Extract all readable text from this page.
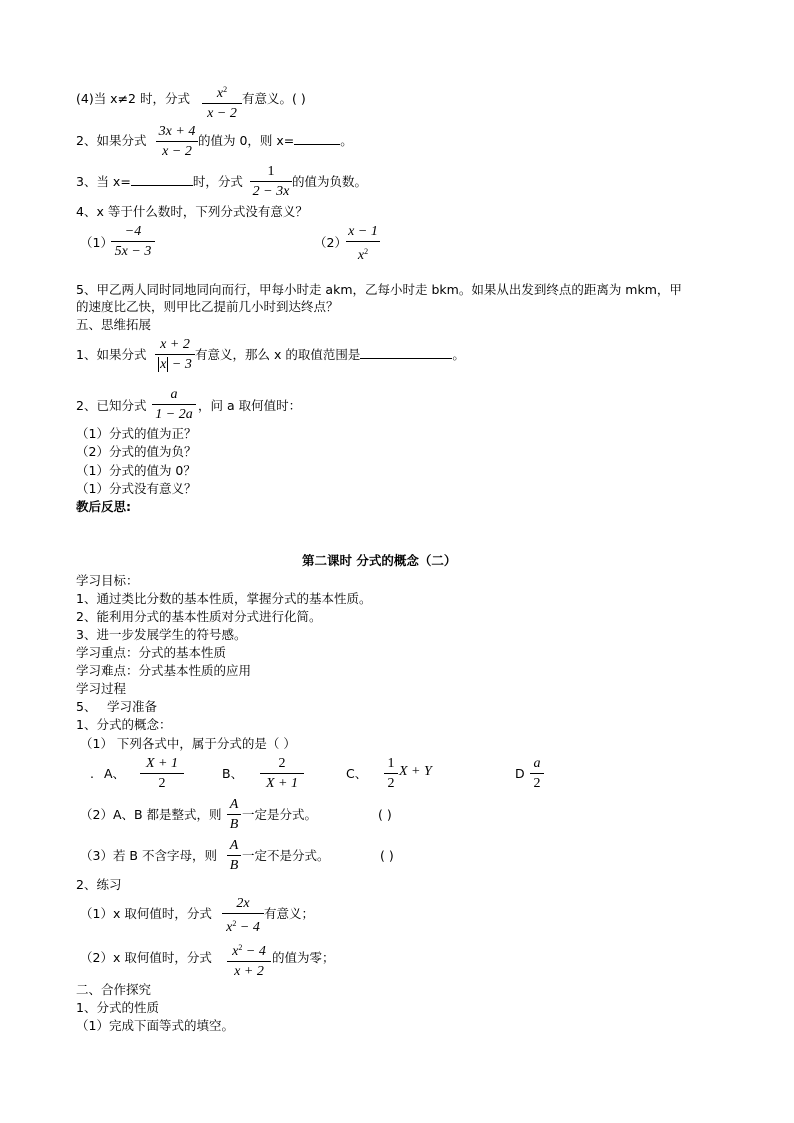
(4)当 x≠2 时，分式	$x^2$
x − 2
有意义。( )
2、如果分式
3x + 4
x − 2
的值为 0，则 x=	。
3、当 x=	时，分式
1
2 − 3x
的值为负数。
4、x 等于什么数时，下列分式没有意义？
（1）
−4
5x − 3
（2）
x − 1
$x^2$
5、甲乙两人同时同地同向而行，甲每小时走 akm，乙每小时走 bkm。如果从出发到终点的距离为 mkm，甲
的速度比乙快，则甲比乙提前几小时到达终点？
五、思维拓展
1、如果分式
x + 2
x − 3
有意义，那么 x 的取值范围是	。
2、已知分式
a
1 − 2a
，问 a 取何值时：
（1）分式的值为正？
（2）分式的值为负？
（1）分式的值为 0？
（1）分式没有意义？
教后反思:
第二课时 分式的概念（二）
学习目标：
1、通过类比分数的基本性质，掌握分式的基本性质。
2、能利用分式的基本性质对分式进行化简。
3、进一步发展学生的符号感。
学习重点：分式的基本性质
学习难点：分式基本性质的应用
学习过程
5、 学习准备
1、分式的概念：
（1） 下列各式中，属于分式的是（ ）
. A、
X + 1
2
B、
2
X + 1
C、
1
2
X + Y	D
a
2
（2）A、B 都是整式，则
A
B
一定是分式。	( )
（3）若 B 不含字母，则
A
B
一定不是分式。	( )
2、练习
（1）x 取何值时，分式
2x
$x^2 - 4$
有意义；
（2）x 取何值时，分式	$x^2 - 4$
x + 2
的值为零；
二、合作探究
1、分式的性质
（1）完成下面等式的填空。
